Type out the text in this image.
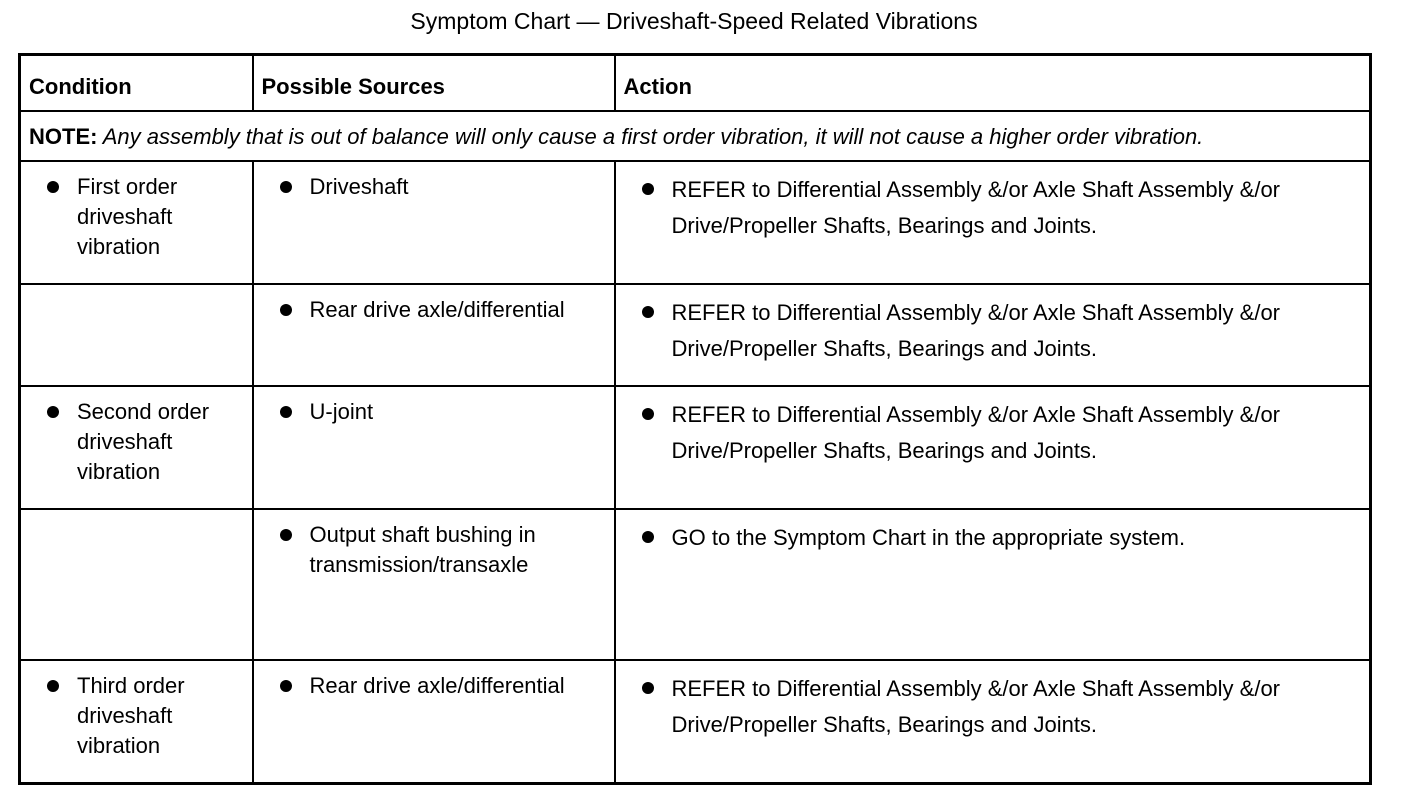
Symptom Chart — Driveshaft-Speed Related Vibrations
Condition	Possible Sources	Action
NOTE: Any assembly that is out of balance will only cause a first order vibration, it will not cause a higher order vibration.		

First order driveshaft vibration	Driveshaft	REFER to Differential Assembly &/or Axle Shaft Assembly &/or
Drive/Propeller Shafts, Bearings and Joints.

	Rear drive axle/differential	REFER to Differential Assembly &/or Axle Shaft Assembly &/or
Drive/Propeller Shafts, Bearings and Joints.

Second order driveshaft vibration	U-joint	REFER to Differential Assembly &/or Axle Shaft Assembly &/or
Drive/Propeller Shafts, Bearings and Joints.

	Output shaft bushing in transmission/transaxle	GO to the Symptom Chart in the appropriate system.

Third order driveshaft vibration	Rear drive axle/differential	REFER to Differential Assembly &/or Axle Shaft Assembly &/or
Drive/Propeller Shafts, Bearings and Joints.
